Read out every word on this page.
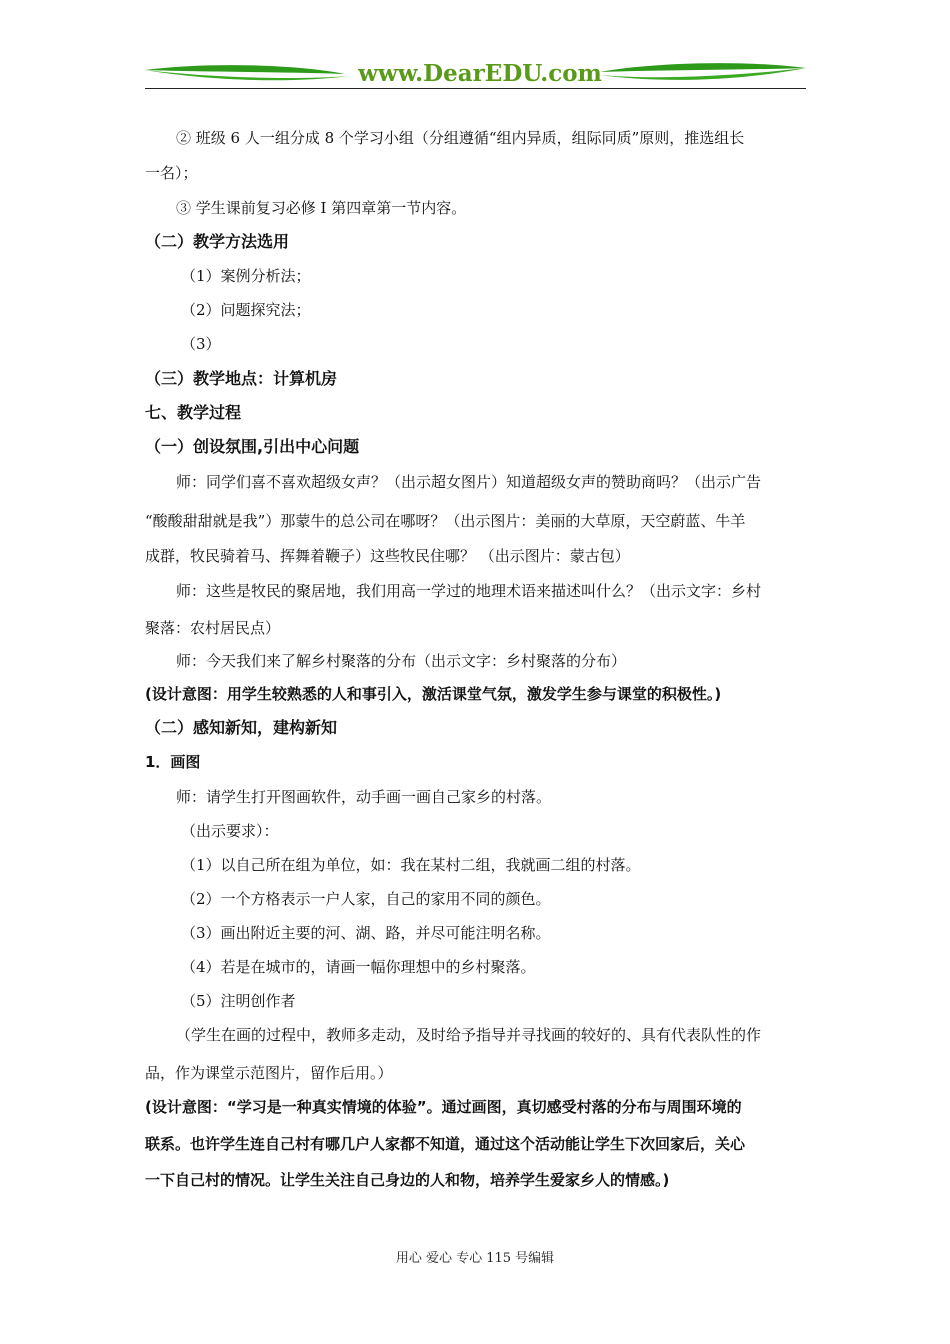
www.DearEDU.com
② 班级 6 人一组分成 8 个学习小组（分组遵循“组内异质，组际同质”原则，推选组长
一名）；
③ 学生课前复习必修 I 第四章第一节内容。
（二）教学方法选用
（1）案例分析法；
（2）问题探究法；
（3）
（三）教学地点：计算机房
七、教学过程
（一）创设氛围,引出中心问题
师：同学们喜不喜欢超级女声？（出示超女图片）知道超级女声的赞助商吗？（出示广告
“酸酸甜甜就是我”）那蒙牛的总公司在哪呀？（出示图片：美丽的大草原，天空蔚蓝、牛羊
成群，牧民骑着马、挥舞着鞭子）这些牧民住哪？ （出示图片：蒙古包）
师：这些是牧民的聚居地，我们用高一学过的地理术语来描述叫什么？（出示文字：乡村
聚落：农村居民点）
师：今天我们来了解乡村聚落的分布（出示文字：乡村聚落的分布）
(设计意图：用学生较熟悉的人和事引入，激活课堂气氛，激发学生参与课堂的积极性。)
（二）感知新知，建构新知
1．画图
师：请学生打开图画软件，动手画一画自己家乡的村落。
（出示要求）：
（1）以自己所在组为单位，如：我在某村二组，我就画二组的村落。
（2）一个方格表示一户人家，自己的家用不同的颜色。
（3）画出附近主要的河、湖、路，并尽可能注明名称。
（4）若是在城市的，请画一幅你理想中的乡村聚落。
（5）注明创作者
（学生在画的过程中，教师多走动，及时给予指导并寻找画的较好的、具有代表队性的作
品，作为课堂示范图片，留作后用。）
(设计意图：“学习是一种真实情境的体验”。通过画图，真切感受村落的分布与周围环境的
联系。也许学生连自己村有哪几户人家都不知道，通过这个活动能让学生下次回家后，关心
一下自己村的情况。让学生关注自己身边的人和物，培养学生爱家乡人的情感。)
用心 爱心 专心 115 号编辑
